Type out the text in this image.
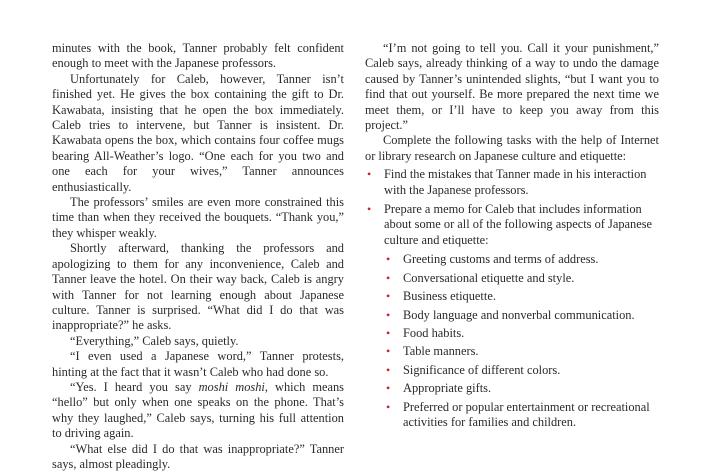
minutes with the book, Tanner probably felt confident enough to meet with the Japanese professors.

Unfortunately for Caleb, however, Tanner isn’t finished yet. He gives the box containing the gift to Dr. Kawabata, insisting that he open the box immediately. Caleb tries to intervene, but Tanner is insistent. Dr. Kawabata opens the box, which contains four coffee mugs bearing All-Weather’s logo. “One each for you two and one each for your wives,” Tanner announces enthusiastically.

The professors’ smiles are even more constrained this time than when they received the bouquets. “Thank you,” they whisper weakly.

Shortly afterward, thanking the professors and apologizing to them for any inconvenience, Caleb and Tanner leave the hotel. On their way back, Caleb is angry with Tanner for not learning enough about Japanese culture. Tanner is surprised. “What did I do that was inappropriate?” he asks.

“Everything,” Caleb says, quietly.

“I even used a Japanese word,” Tanner protests, hinting at the fact that it wasn’t Caleb who had done so.

“Yes. I heard you say moshi moshi, which means “hello” but only when one speaks on the phone. That’s why they laughed,” Caleb says, turning his full attention to driving again.

“What else did I do that was inappropriate?” Tanner says, almost pleadingly.

“I’m not going to tell you. Call it your punishment,” Caleb says, already thinking of a way to undo the damage caused by Tanner’s unintended slights, “but I want you to find that out yourself. Be more prepared the next time we meet them, or I’ll have to keep you away from this project.”

Complete the following tasks with the help of Internet or library research on Japanese culture and etiquette:

• Find the mistakes that Tanner made in his interaction with the Japanese professors.
• Prepare a memo for Caleb that includes information about some or all of the following aspects of Japanese culture and etiquette:
• Greeting customs and terms of address.
• Conversational etiquette and style.
• Business etiquette.
• Body language and nonverbal communication.
• Food habits.
• Table manners.
• Significance of different colors.
• Appropriate gifts.
• Preferred or popular entertainment or recreational activities for families and children.
